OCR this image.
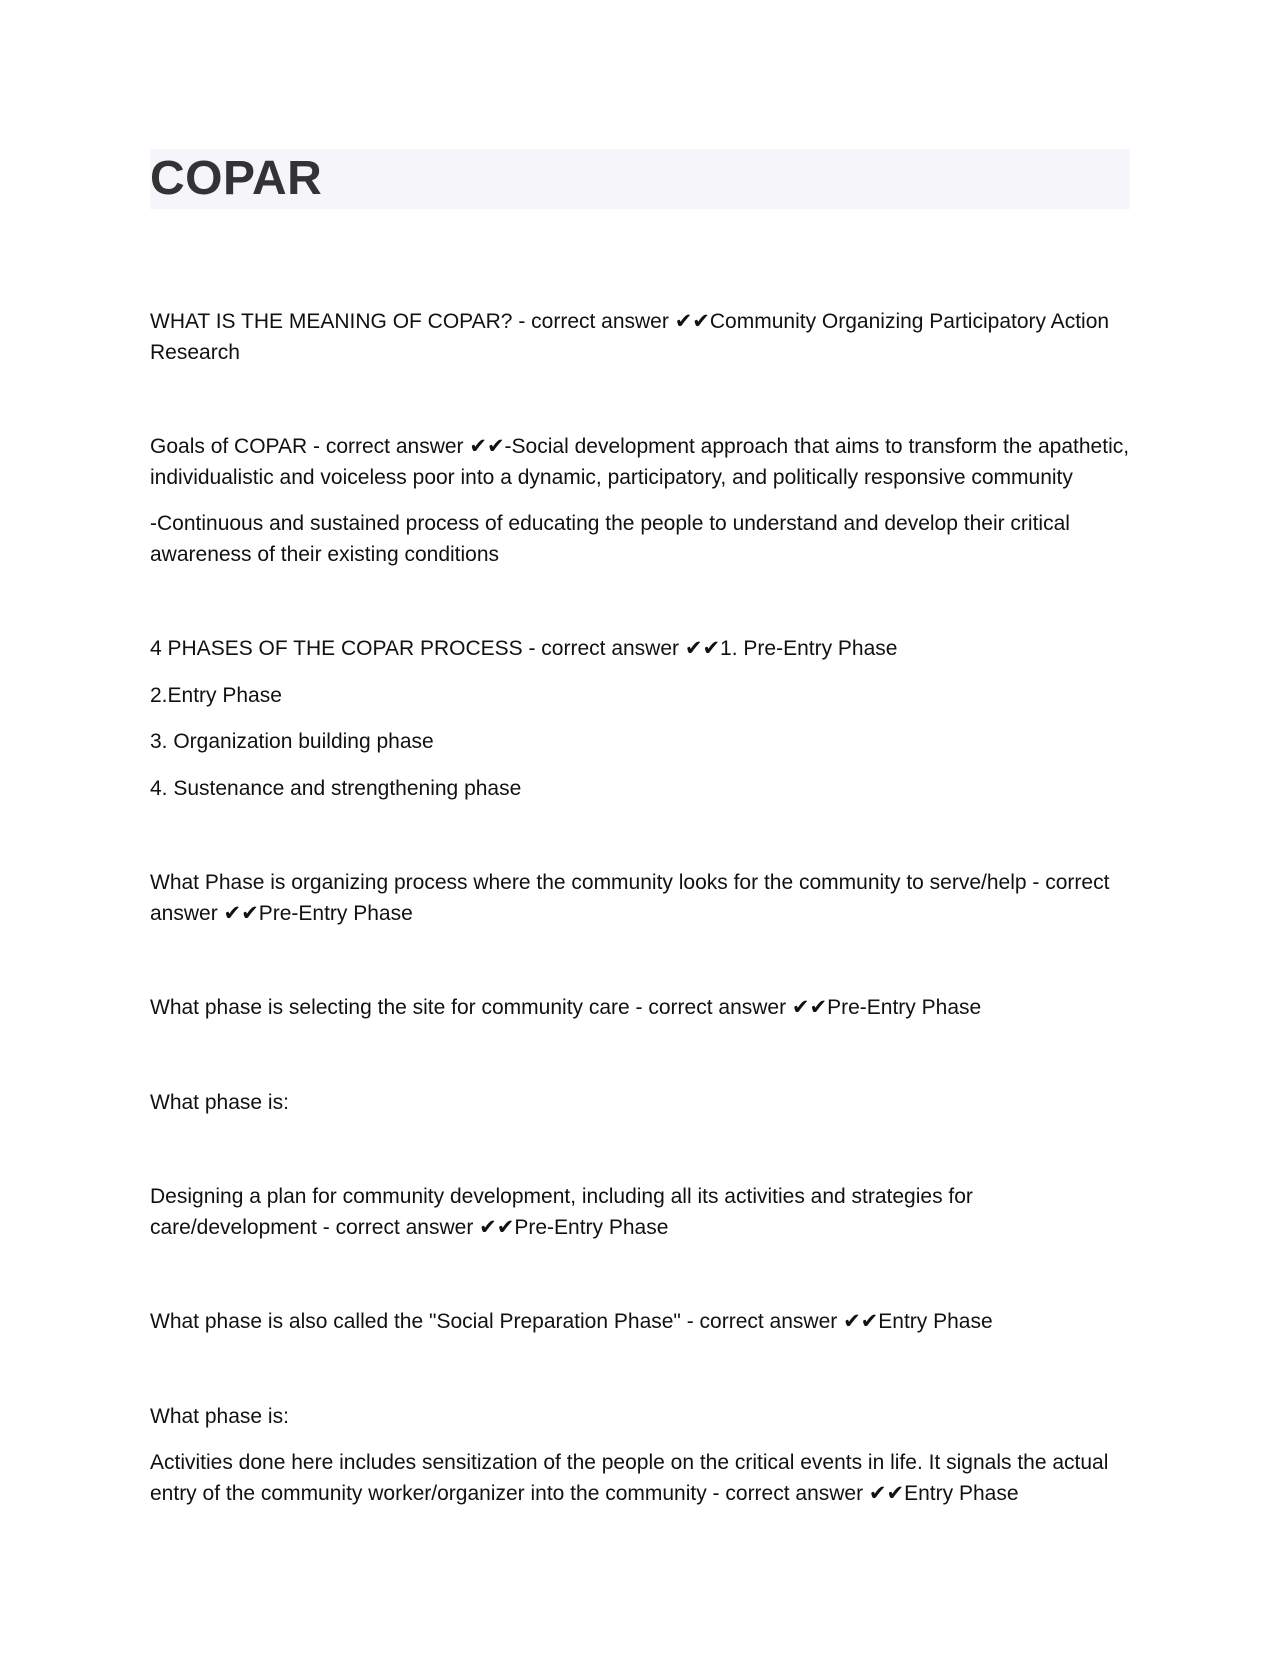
COPAR

WHAT IS THE MEANING OF COPAR? - correct answer ✔✔Community Organizing Participatory Action Research

Goals of COPAR - correct answer ✔✔-Social development approach that aims to transform the apathetic, individualistic and voiceless poor into a dynamic, participatory, and politically responsive community

-Continuous and sustained process of educating the people to understand and develop their critical awareness of their existing conditions

4 PHASES OF THE COPAR PROCESS - correct answer ✔✔1. Pre-Entry Phase

2.Entry Phase

3. Organization building phase

4. Sustenance and strengthening phase

What Phase is organizing process where the community looks for the community to serve/help - correct answer ✔✔Pre-Entry Phase

What phase is selecting the site for community care - correct answer ✔✔Pre-Entry Phase

What phase is:

Designing a plan for community development, including all its activities and strategies for care/development - correct answer ✔✔Pre-Entry Phase

What phase is also called the "Social Preparation Phase" - correct answer ✔✔Entry Phase

What phase is:

Activities done here includes sensitization of the people on the critical events in life. It signals the actual entry of the community worker/organizer into the community - correct answer ✔✔Entry Phase
